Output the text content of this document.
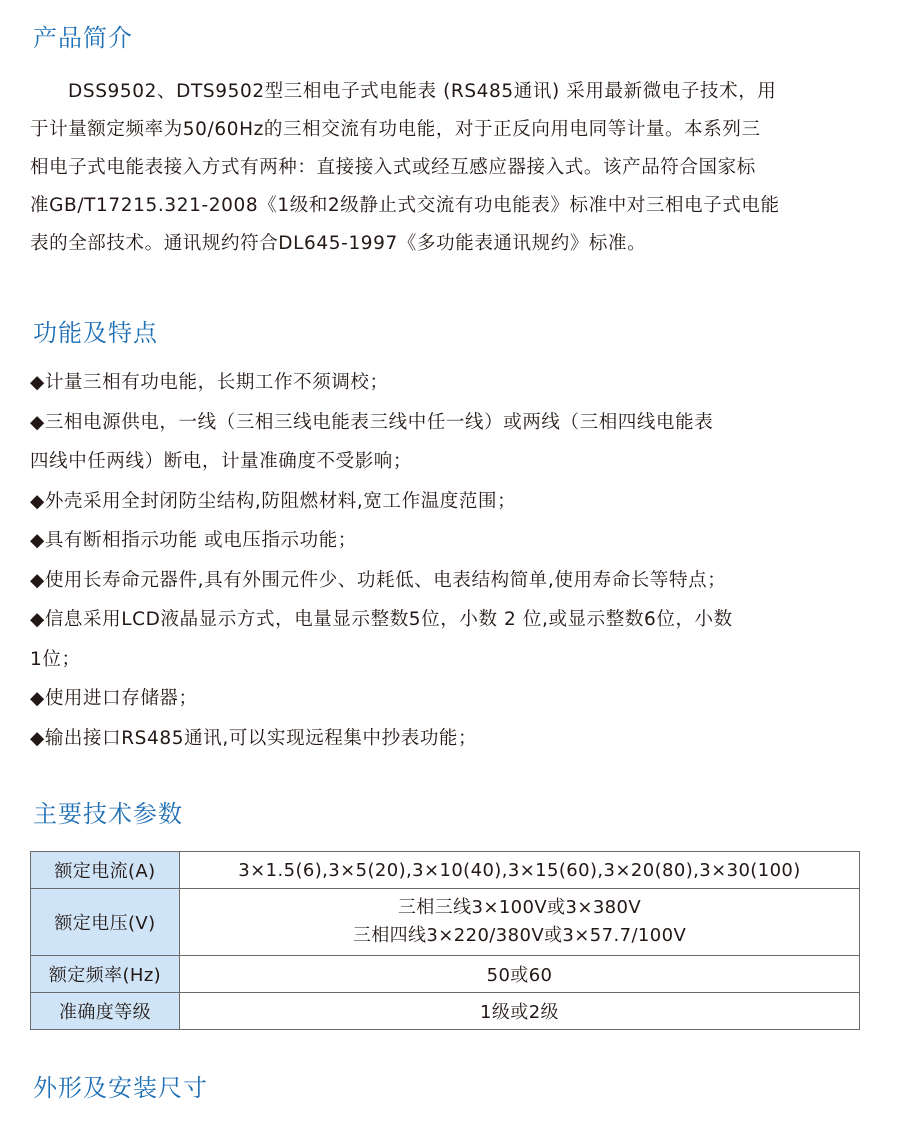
产品简介

DSS9502、DTS9502型三相电子式电能表 (RS485通讯) 采用最新微电子技术，用
于计量额定频率为50/60Hz的三相交流有功电能，对于正反向用电同等计量。本系列三
相电子式电能表接入方式有两种：直接接入式或经互感应器接入式。该产品符合国家标
准GB/T17215.321-2008《1级和2级静止式交流有功电能表》标准中对三相电子式电能
表的全部技术。通讯规约符合DL645-1997《多功能表通讯规约》标准。

功能及特点
◆计量三相有功电能，长期工作不须调校；
◆三相电源供电，一线（三相三线电能表三线中任一线）或两线（三相四线电能表
四线中任两线）断电，计量准确度不受影响；
◆外壳采用全封闭防尘结构,防阻燃材料,宽工作温度范围；
◆具有断相指示功能 或电压指示功能；
◆使用长寿命元器件,具有外围元件少、功耗低、电表结构简单,使用寿命长等特点；
◆信息采用LCD液晶显示方式，电量显示整数5位，小数 2 位,或显示整数6位，小数
1位；
◆使用进口存储器；
◆输出接口RS485通讯,可以实现远程集中抄表功能；
主要技术参数
额定电流(A)	3×1.5(6),3×5(20),3×10(40),3×15(60),3×20(80),3×30(100)
额定电压(V)	三相三线3×100V或3×380V
三相四线3×220/380V或3×57.7/100V

额定频率(Hz)	50或60
准确度等级	1级或2级
外形及安装尺寸
